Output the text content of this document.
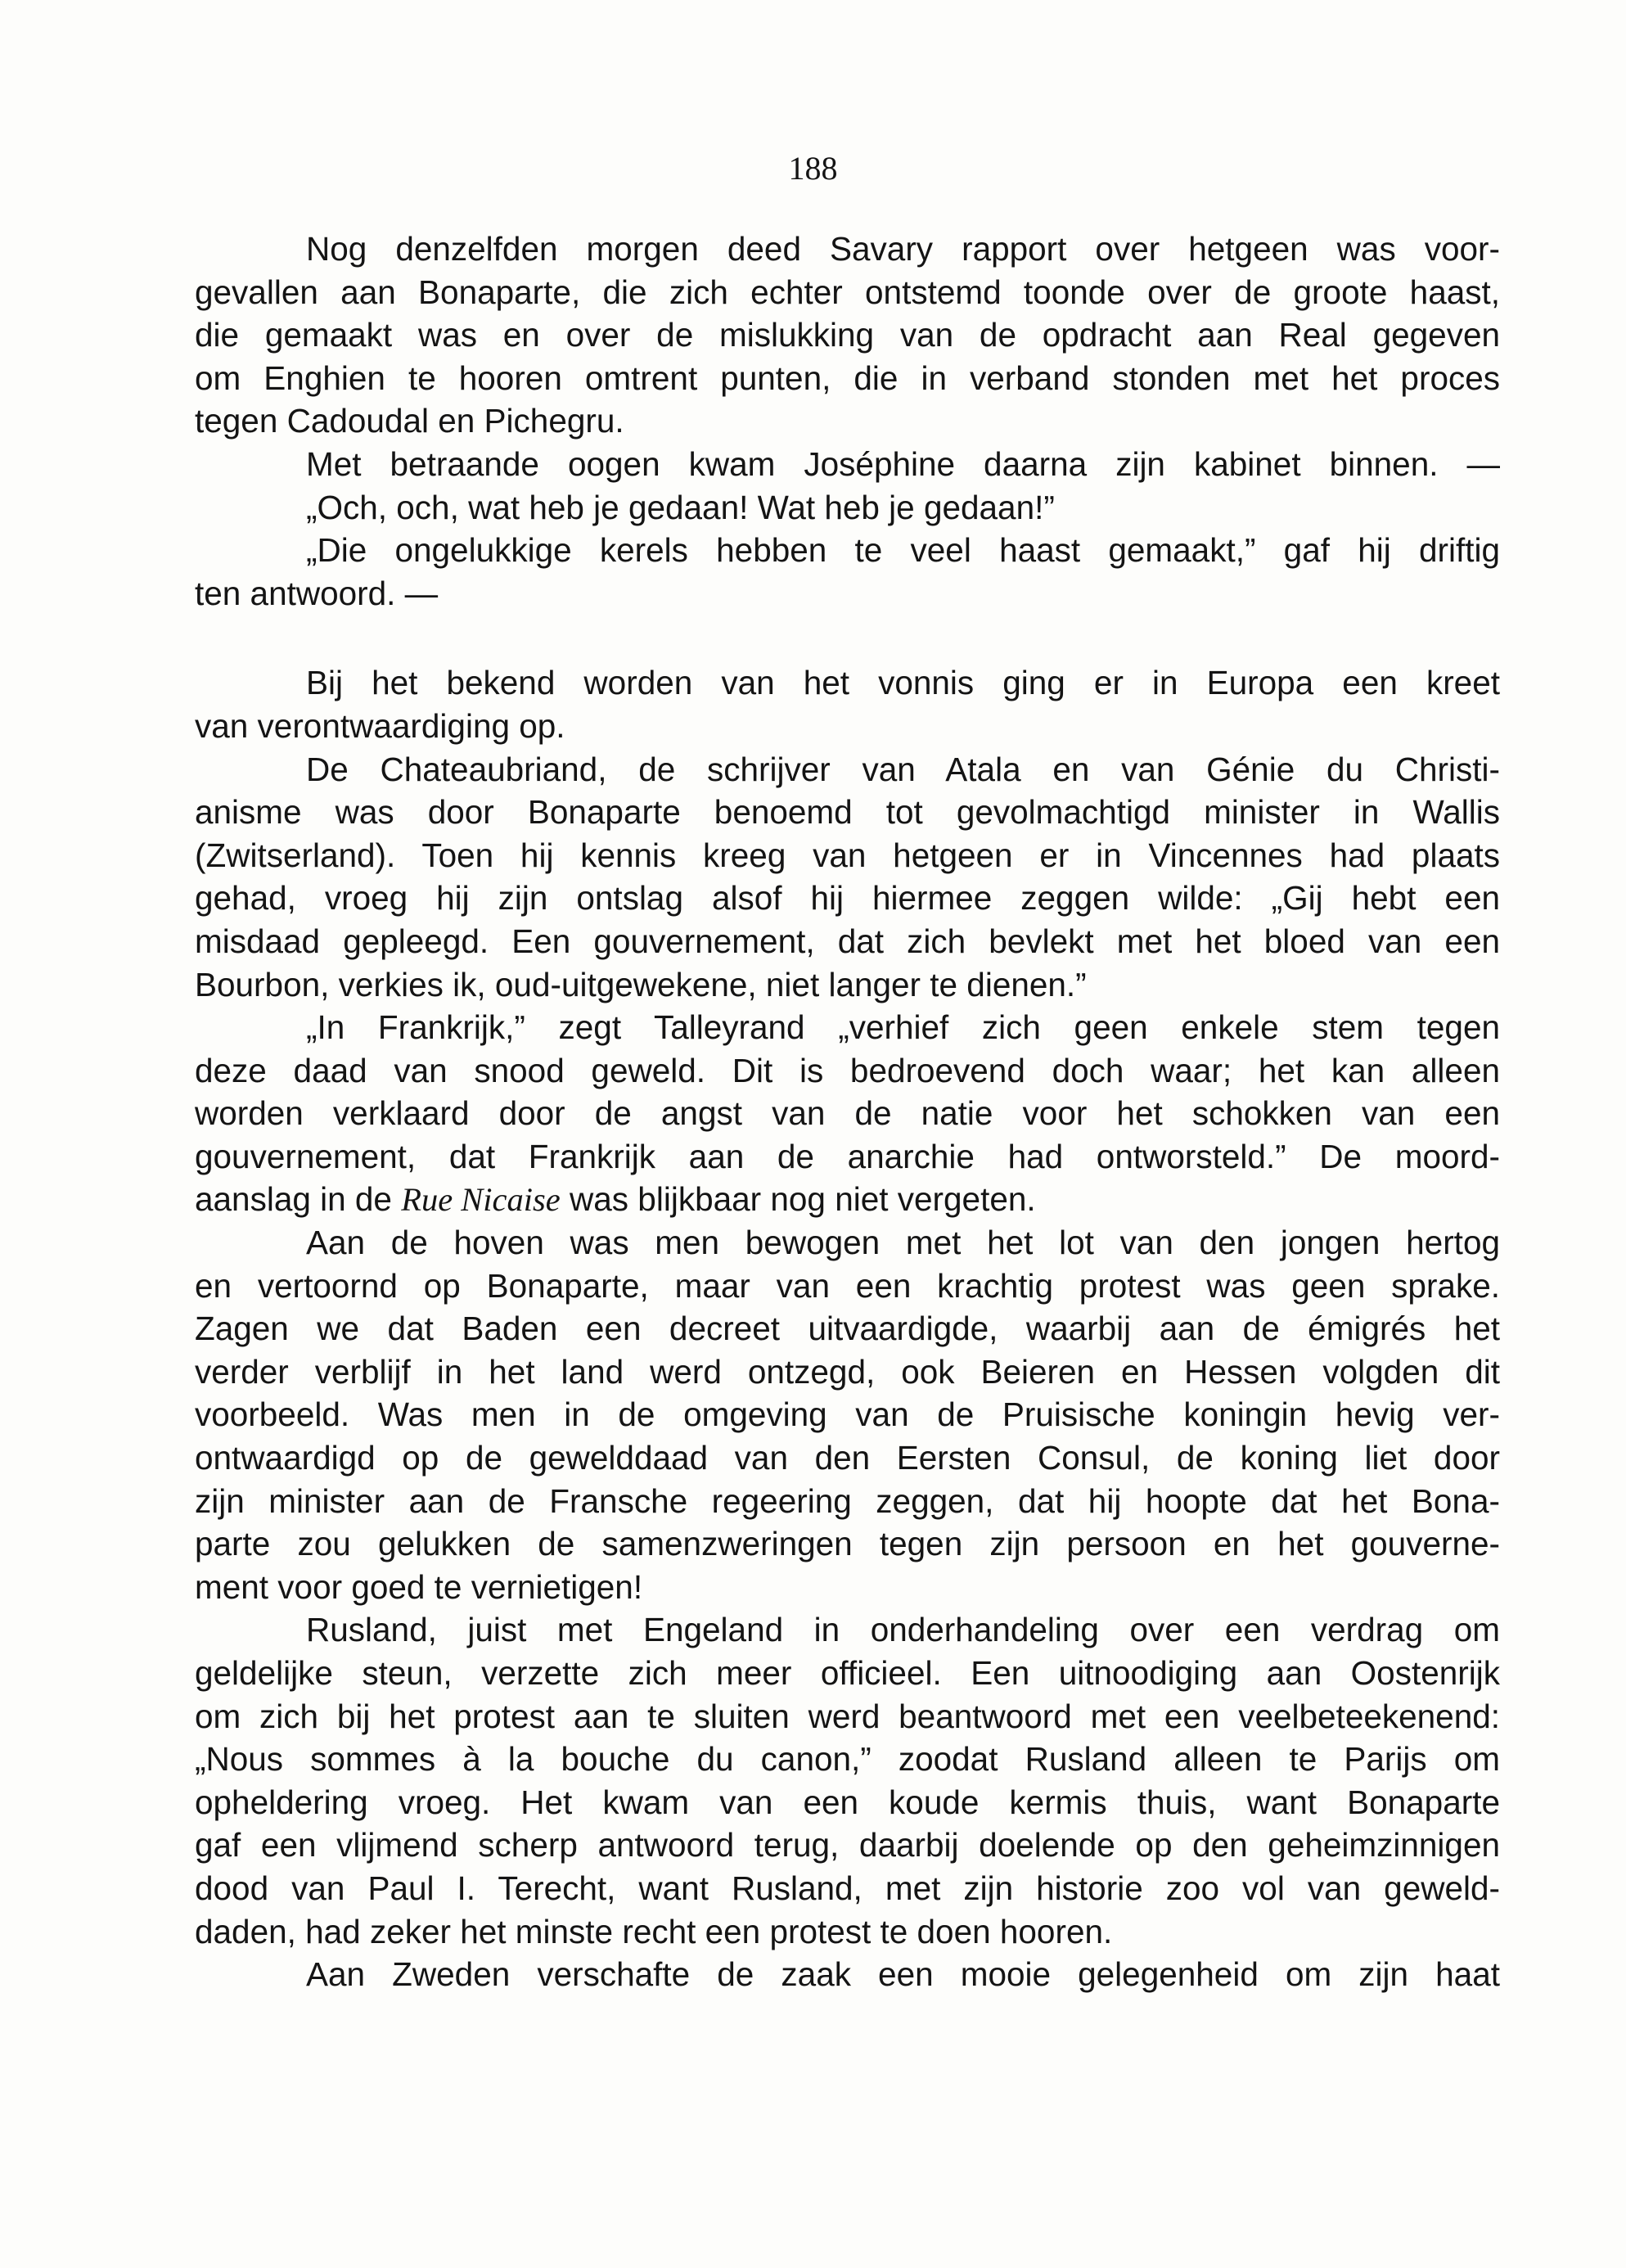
188
Nog denzelfden morgen deed Savary rapport over hetgeen was voor-
gevallen aan Bonaparte, die zich echter ontstemd toonde over de groote haast,
die gemaakt was en over de mislukking van de opdracht aan Real gegeven
om Enghien te hooren omtrent punten, die in verband stonden met het proces
tegen Cadoudal en Pichegru.
Met betraande oogen kwam Joséphine daarna zijn kabinet binnen. —
„Och, och, wat heb je gedaan! Wat heb je gedaan!”
„Die ongelukkige kerels hebben te veel haast gemaakt,” gaf hij driftig
ten antwoord. —
Bij het bekend worden van het vonnis ging er in Europa een kreet
van verontwaardiging op.
De Chateaubriand, de schrijver van Atala en van Génie du Christi-
anisme was door Bonaparte benoemd tot gevolmachtigd minister in Wallis
(Zwitserland). Toen hij kennis kreeg van hetgeen er in Vincennes had plaats
gehad, vroeg hij zijn ontslag alsof hij hiermee zeggen wilde: „Gij hebt een
misdaad gepleegd. Een gouvernement, dat zich bevlekt met het bloed van een
Bourbon, verkies ik, oud-uitgewekene, niet langer te dienen.”
„In Frankrijk,” zegt Talleyrand „verhief zich geen enkele stem tegen
deze daad van snood geweld. Dit is bedroevend doch waar; het kan alleen
worden verklaard door de angst van de natie voor het schokken van een
gouvernement, dat Frankrijk aan de anarchie had ontworsteld.” De moord-
aanslag in de Rue Nicaise was blijkbaar nog niet vergeten.
Aan de hoven was men bewogen met het lot van den jongen hertog
en vertoornd op Bonaparte, maar van een krachtig protest was geen sprake.
Zagen we dat Baden een decreet uitvaardigde, waarbij aan de émigrés het
verder verblijf in het land werd ontzegd, ook Beieren en Hessen volgden dit
voorbeeld. Was men in de omgeving van de Pruisische koningin hevig ver-
ontwaardigd op de gewelddaad van den Eersten Consul, de koning liet door
zijn minister aan de Fransche regeering zeggen, dat hij hoopte dat het Bona-
parte zou gelukken de samenzweringen tegen zijn persoon en het gouverne-
ment voor goed te vernietigen!
Rusland, juist met Engeland in onderhandeling over een verdrag om
geldelijke steun, verzette zich meer officieel. Een uitnoodiging aan Oostenrijk
om zich bij het protest aan te sluiten werd beantwoord met een veelbeteekenend:
„Nous sommes à la bouche du canon,” zoodat Rusland alleen te Parijs om
opheldering vroeg. Het kwam van een koude kermis thuis, want Bonaparte
gaf een vlijmend scherp antwoord terug, daarbij doelende op den geheimzinnigen
dood van Paul I. Terecht, want Rusland, met zijn historie zoo vol van geweld-
daden, had zeker het minste recht een protest te doen hooren.
Aan Zweden verschafte de zaak een mooie gelegenheid om zijn haat
